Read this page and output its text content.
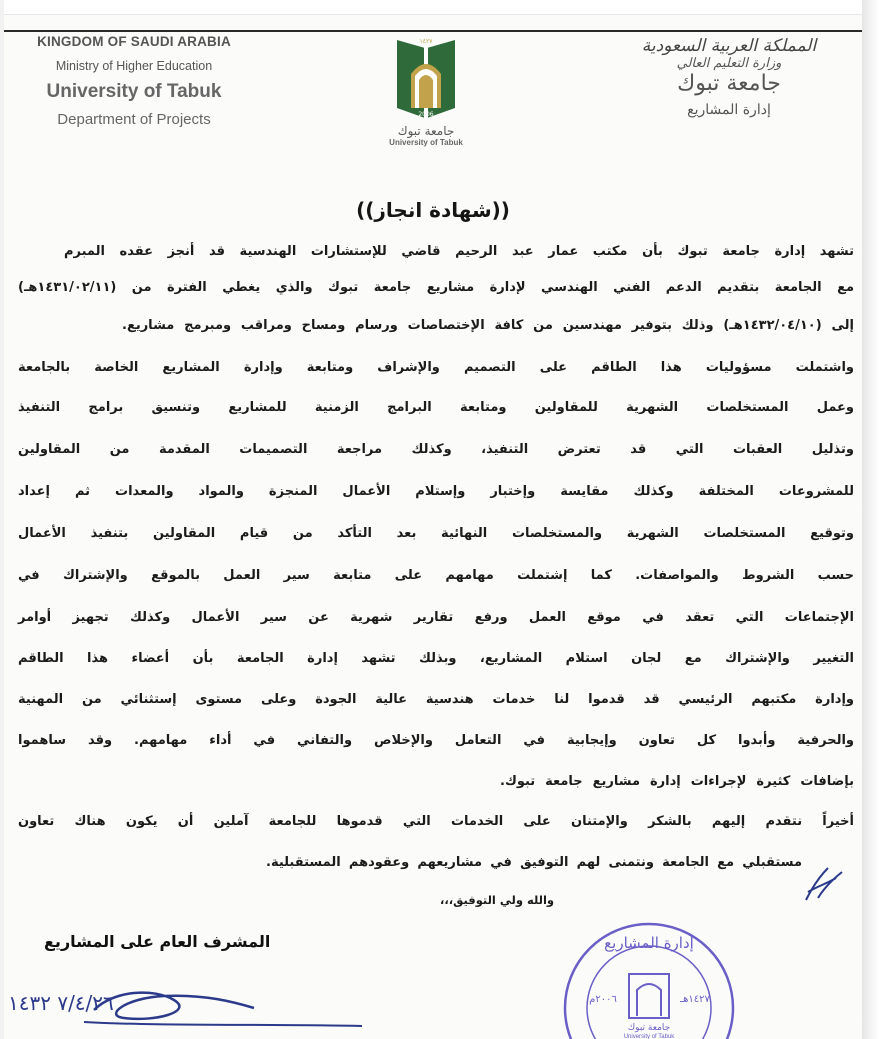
KINGDOM OF SAUDI ARABIA
Ministry of Higher Education
University of Tabuk
Department of Projects
١٤٢٧
2006
جامعة تبوك
University of Tabuk
المملكة العربية السعودية
وزارة التعليم العالي
جامعة تبوك
إدارة المشاريع
((شهادة انجاز))
تشهد إدارة جامعة تبوك بأن مكتب عمار عبد الرحيم قاضي للإستشارات الهندسية قد أنجز عقده المبرم
مع الجامعة بتقديم الدعم الفني الهندسي لإدارة مشاريع جامعة تبوك والذي يغطي الفترة من (١٤٣١/٠٢/١١هـ)
إلى (١٤٣٢/٠٤/١٠هـ) وذلك بتوفير مهندسين من كافة الإختصاصات ورسام ومساح ومراقب ومبرمج مشاريع.
واشتملت مسؤوليات هذا الطاقم على التصميم والإشراف ومتابعة وإدارة المشاريع الخاصة بالجامعة
وعمل المستخلصات الشهرية للمقاولين ومتابعة البرامج الزمنية للمشاريع وتنسيق برامج التنفيذ
وتذليل العقبات التي قد تعترض التنفيذ، وكذلك مراجعة التصميمات المقدمة من المقاولين
للمشروعات المختلفة وكذلك مقايسة وإختبار وإستلام الأعمال المنجزة والمواد والمعدات ثم إعداد
وتوقيع المستخلصات الشهرية والمستخلصات النهائية بعد التأكد من قيام المقاولين بتنفيذ الأعمال
حسب الشروط والمواصفات. كما إشتملت مهامهم على متابعة سير العمل بالموقع والإشتراك في
الإجتماعات التي تعقد في موقع العمل ورفع تقارير شهرية عن سير الأعمال وكذلك تجهيز أوامر
التغيير والإشتراك مع لجان استلام المشاريع، وبذلك تشهد إدارة الجامعة بأن أعضاء هذا الطاقم
وإدارة مكتبهم الرئيسي قد قدموا لنا خدمات هندسية عالية الجودة وعلى مستوى إستثنائي من المهنية
والحرفية وأبدوا كل تعاون وإيجابية في التعامل والإخلاص والتفاني في أداء مهامهم. وقد ساهموا
بإضافات كثيرة لإجراءات إدارة مشاريع جامعة تبوك.
أخيراً نتقدم إليهم بالشكر والإمتنان على الخدمات التي قدموها للجامعة آملين أن يكون هناك تعاون
مستقبلي مع الجامعة ونتمنى لهم التوفيق في مشاريعهم وعقودهم المستقبلية.
والله ولي التوفيق،،،
المشرف العام على المشاريع
٧/٤/٢٦ ١٤٣٢
إدارة المشاريع
٢٠٠٦م	١٤٢٧هـ
جامعة تبوك
University of Tabuk
